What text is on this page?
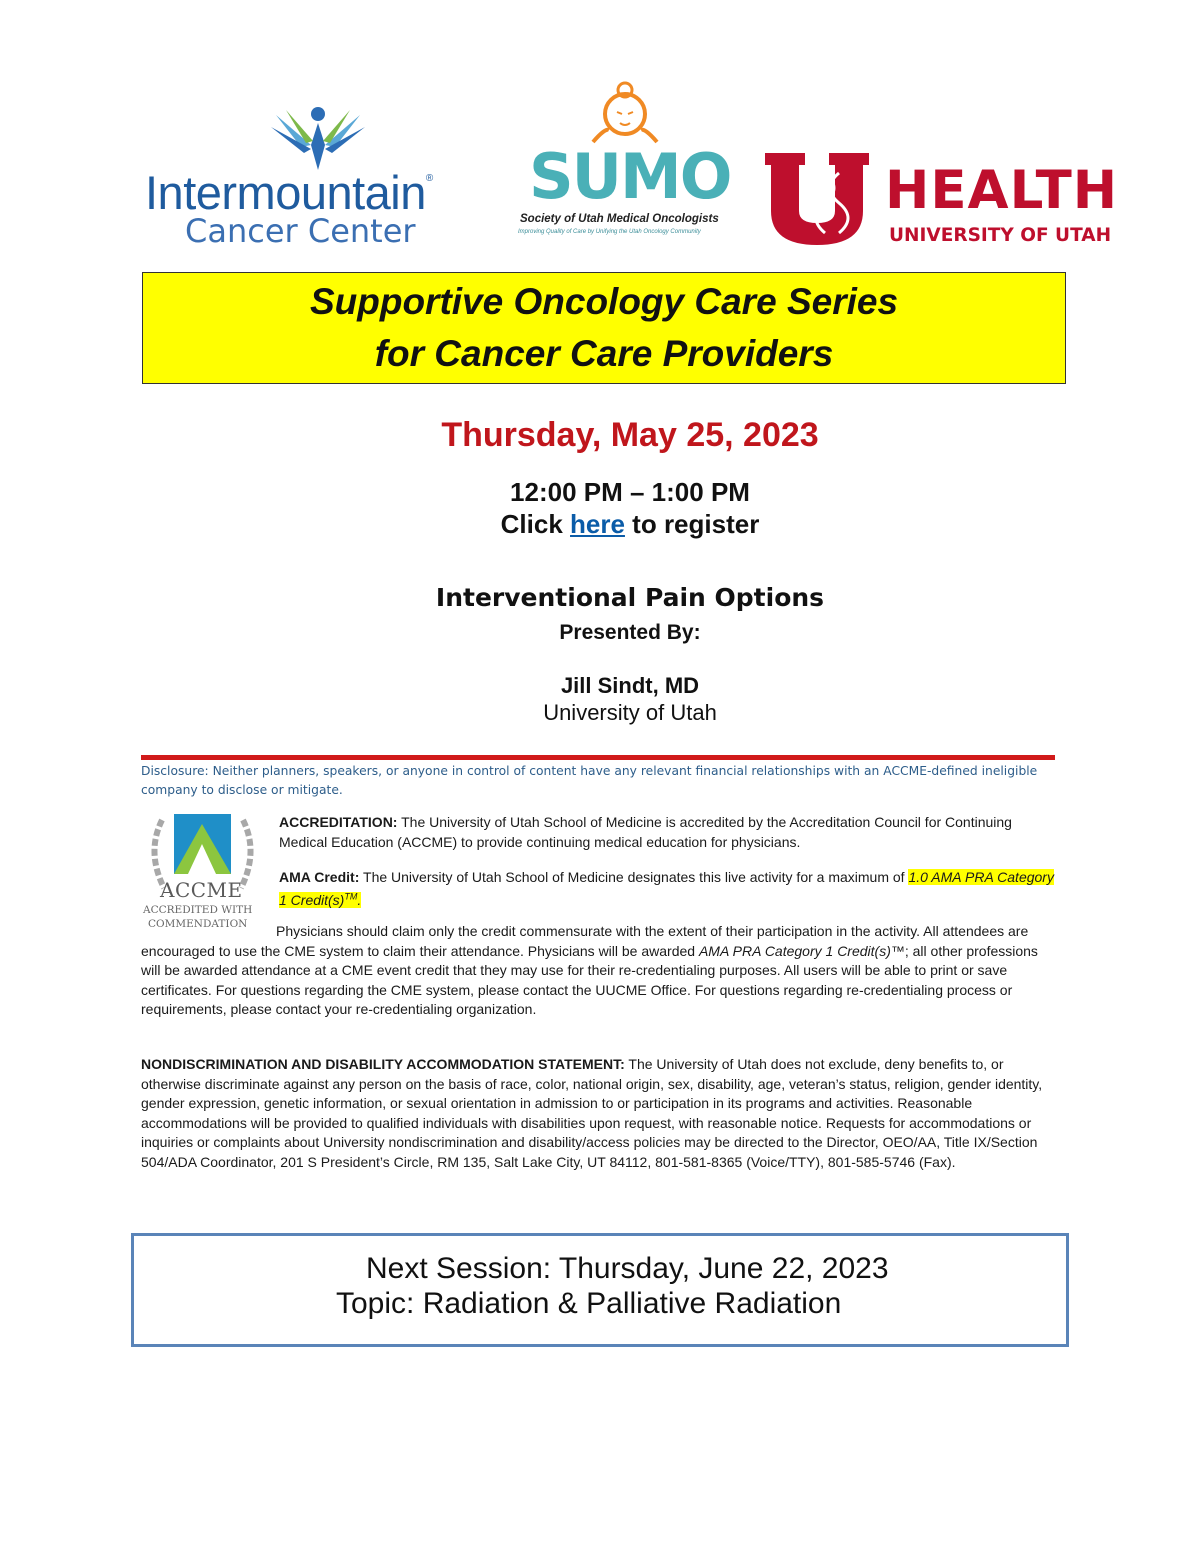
Intermountain®
Cancer Center
SUMO
Society of Utah Medical Oncologists
Improving Quality of Care by Unifying the Utah Oncology Community
HEALTH
UNIVERSITY OF UTAH
Supportive Oncology Care Series
for Cancer Care Providers
Thursday, May 25, 2023
12:00 PM – 1:00 PM
Click here to register
Interventional Pain Options
Presented By:
Jill Sindt, MD
University of Utah
Disclosure: Neither planners, speakers, or anyone in control of content have any relevant financial relationships with an ACCME-defined ineligible company to disclose or mitigate.
ACCME
ACCREDITED WITH
COMMENDATION
ACCREDITATION: The University of Utah School of Medicine is accredited by the Accreditation Council for Continuing Medical Education (ACCME) to provide continuing medical education for physicians.
AMA Credit: The University of Utah School of Medicine designates this live activity for a maximum of 1.0 AMA PRA Category 1 Credit(s)™.
Physicians should claim only the credit commensurate with the extent of their participation in the activity. All attendees are encouraged to use the CME system to claim their attendance. Physicians will be awarded AMA PRA Category 1 Credit(s)™; all other professions will be awarded attendance at a CME event credit that they may use for their re-credentialing purposes. All users will be able to print or save certificates. For questions regarding the CME system, please contact the UUCME Office. For questions regarding re-credentialing process or requirements, please contact your re-credentialing organization.
NONDISCRIMINATION AND DISABILITY ACCOMMODATION STATEMENT: The University of Utah does not exclude, deny benefits to, or otherwise discriminate against any person on the basis of race, color, national origin, sex, disability, age, veteran’s status, religion, gender identity, gender expression, genetic information, or sexual orientation in admission to or participation in its programs and activities. Reasonable accommodations will be provided to qualified individuals with disabilities upon request, with reasonable notice. Requests for accommodations or inquiries or complaints about University nondiscrimination and disability/access policies may be directed to the Director, OEO/AA, Title IX/Section 504/ADA Coordinator, 201 S President’s Circle, RM 135, Salt Lake City, UT 84112, 801-581-8365 (Voice/TTY), 801-585-5746 (Fax).
Next Session: Thursday, June 22, 2023
Topic: Radiation & Palliative Radiation
